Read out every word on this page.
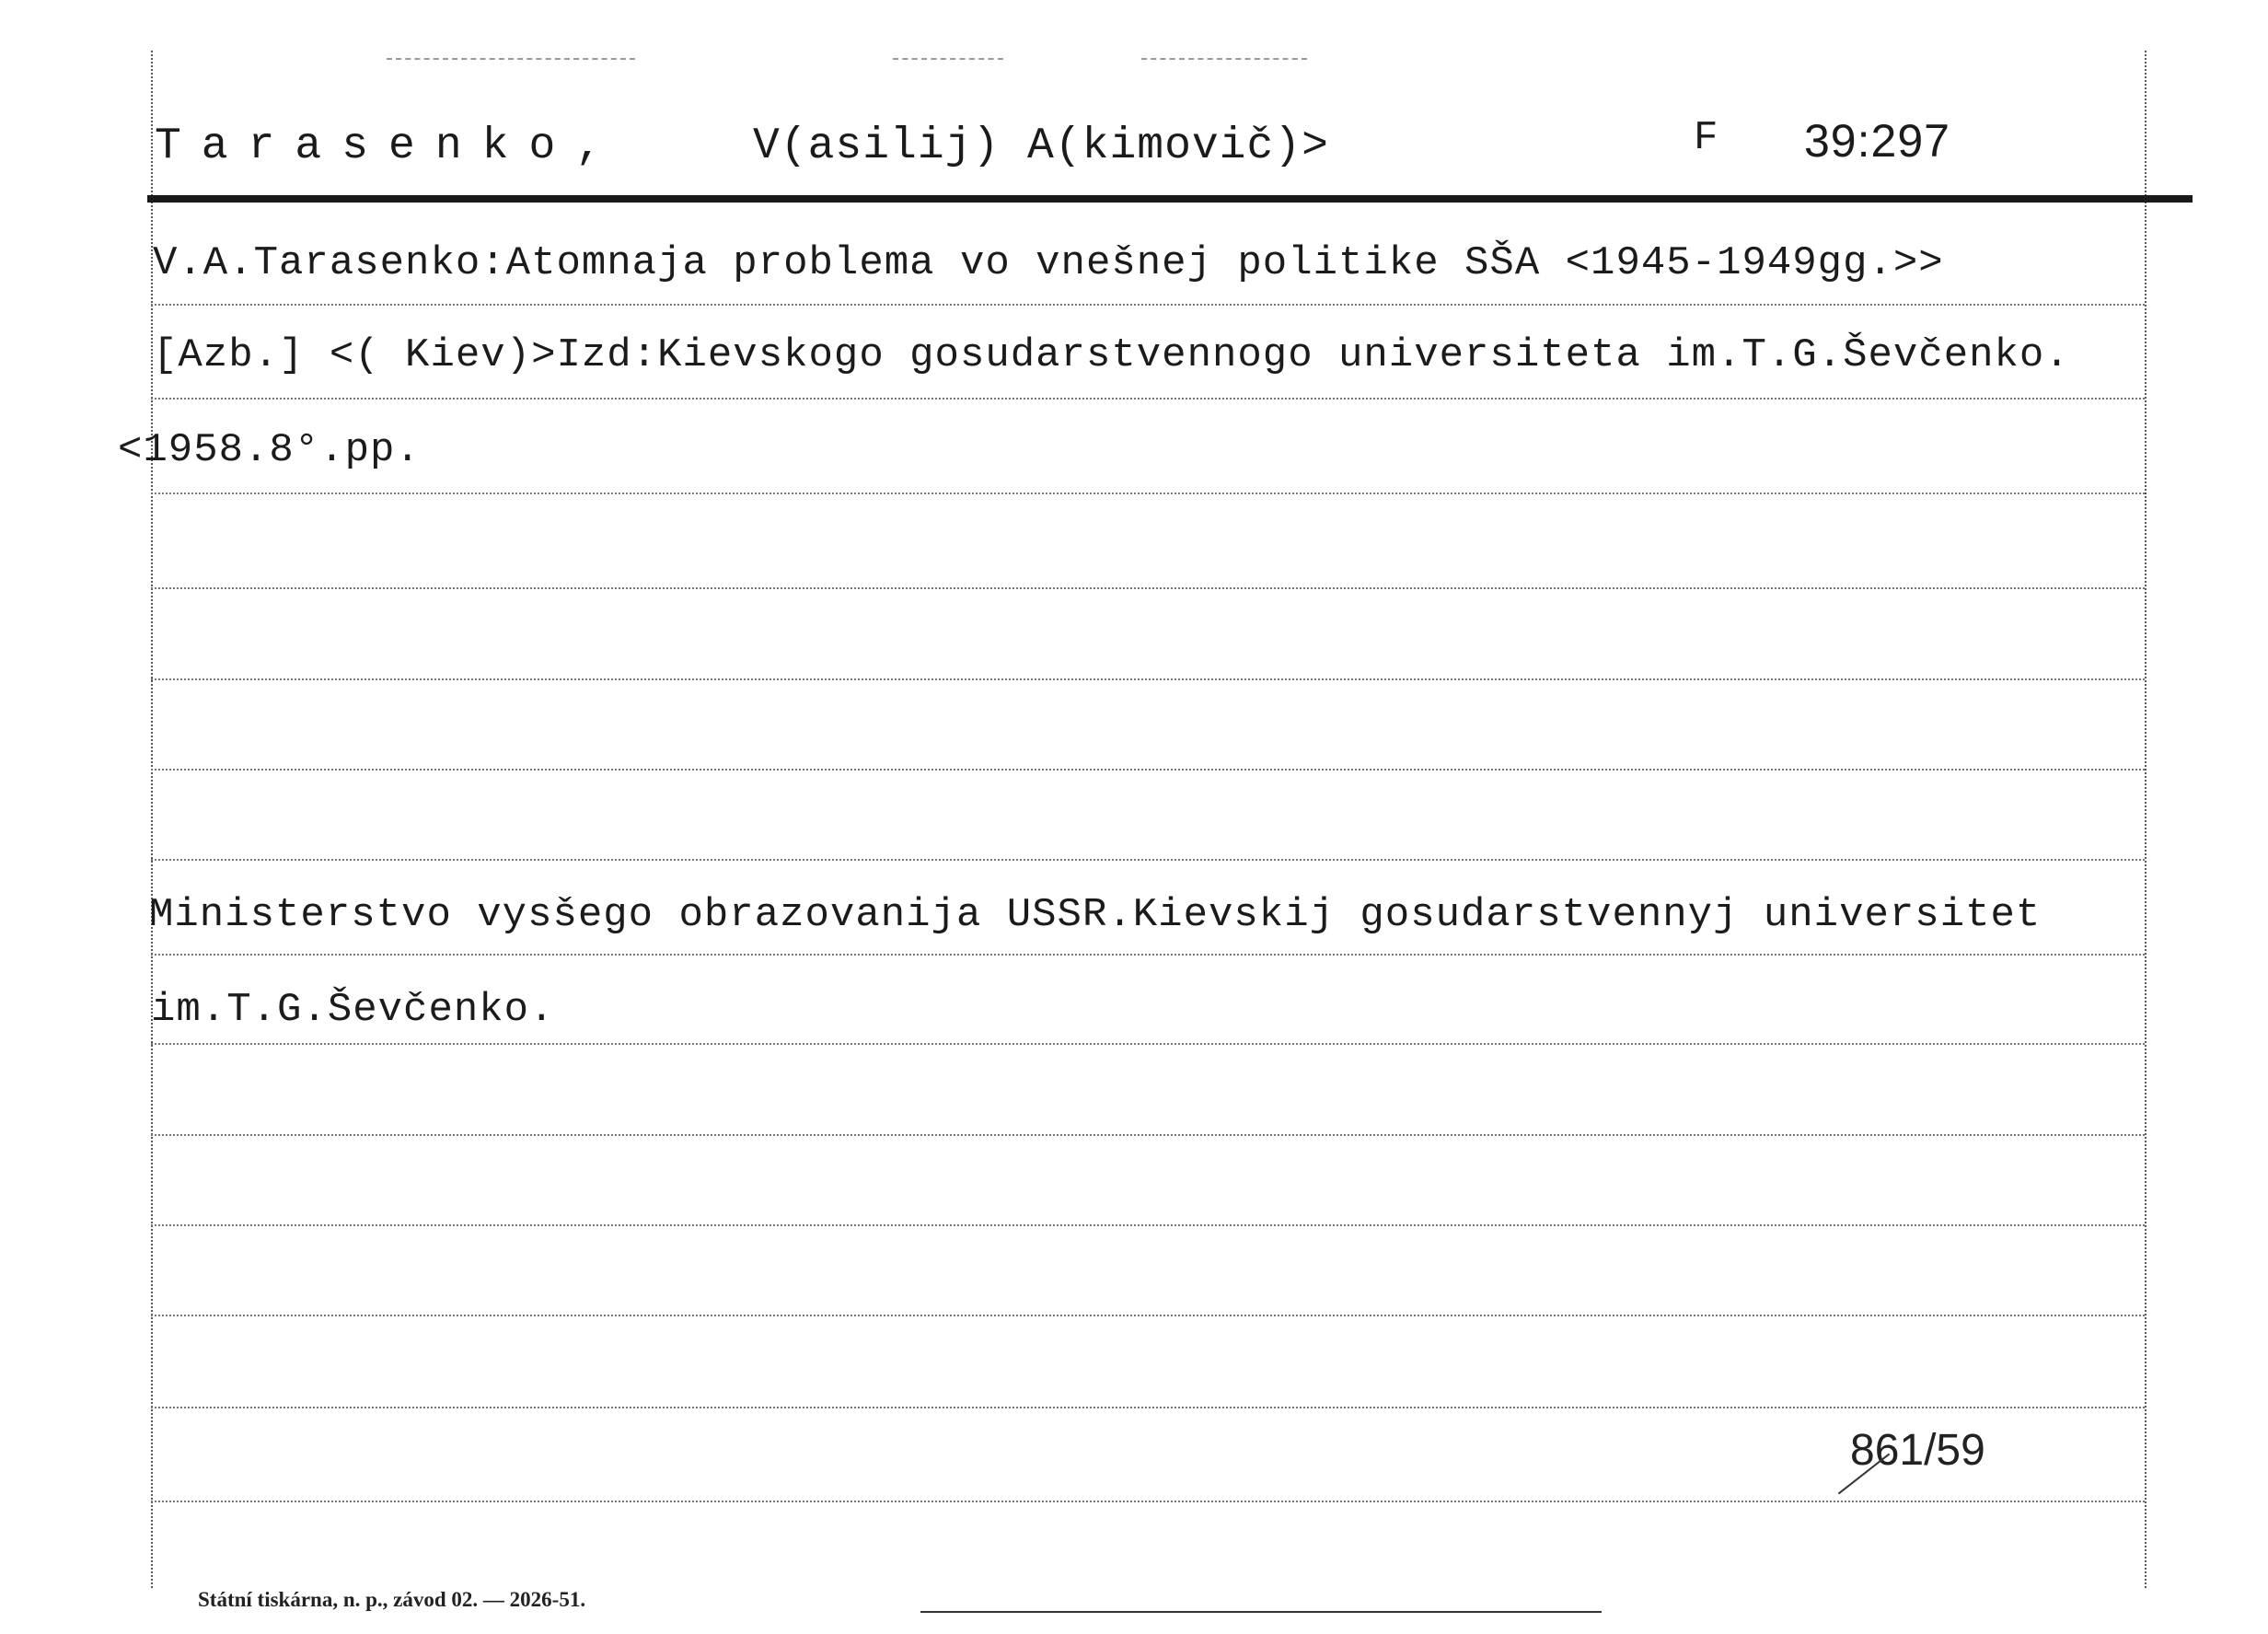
Tarasenko,	V(asilij) A(kimovič)>	F 39:297
V.A.Tarasenko:Atomnaja problema vo vnešnej politike SŠA <1945-1949gg.>>
[Azb.] <( Kiev)>Izd:Kievskogo gosudarstvennogo universiteta im.T.G.Ševčenko.
<1958.8°.pp.
Ministerstvo vysšego obrazovanija USSR.Kievskij gosudarstvennyj universitet
im.T.G.Ševčenko.
861/59
Státní tiskárna, n. p., závod 02. — 2026-51.
